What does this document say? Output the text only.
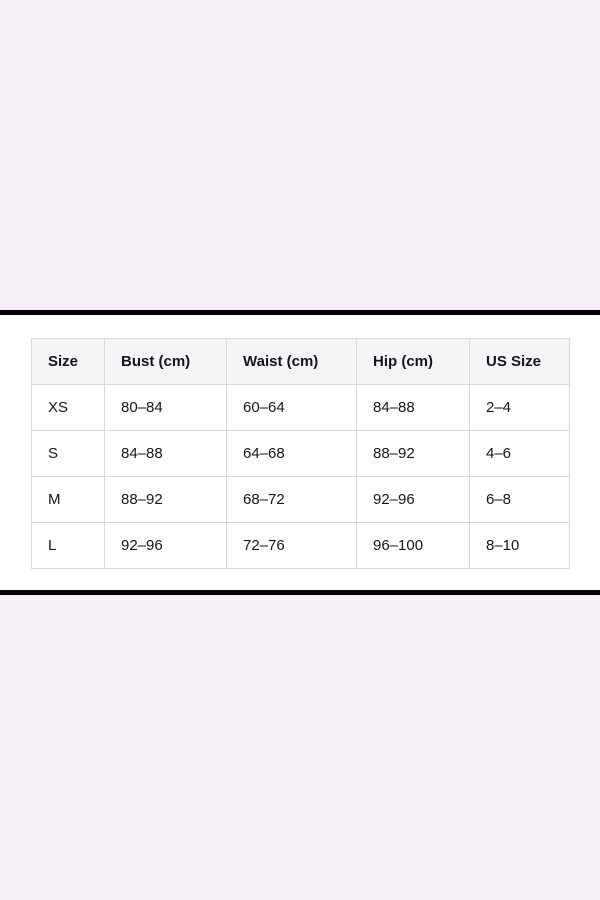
Size	Bust (cm)	Waist (cm)	Hip (cm)	US Size
XS	80–84	60–64	84–88	2–4
S	84–88	64–68	88–92	4–6
M	88–92	68–72	92–96	6–8
L	92–96	72–76	96–100	8–10
